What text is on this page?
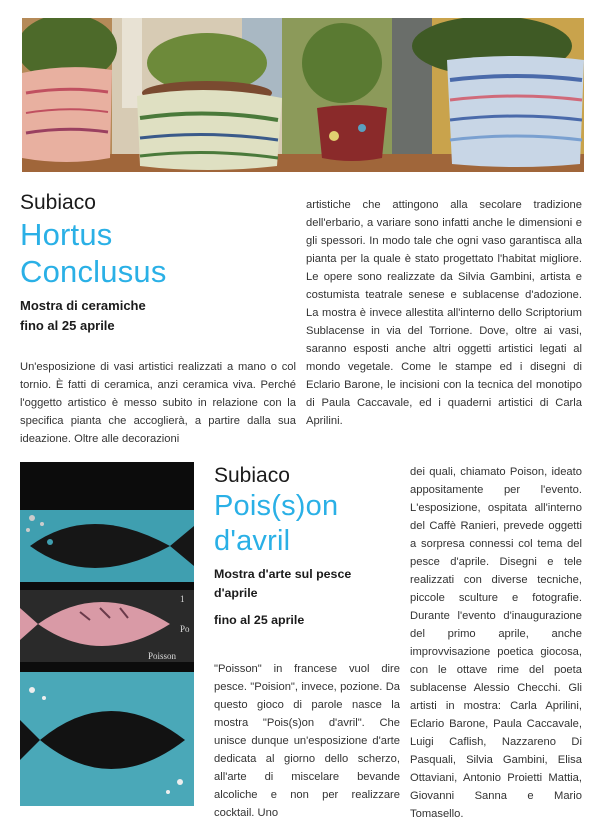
Subiaco

Hortus

Conclusus

Mostra di ceramiche

fino al 25 aprile

Un'esposizione di vasi artistici realizzati a mano o col tornio. È fatti di ceramica, anzi ceramica viva. Perché l'oggetto artistico è messo subito in relazione con la specifica pianta che accoglierà, a partire dalla sua ideazione. Oltre alle decorazioni

artistiche che attingono alla secolare tradizione dell'erbario, a variare sono infatti anche le dimensioni e gli spessori. In modo tale che ogni vaso garantisca alla pianta per la quale è stato progettato l'habitat migliore. Le opere sono realizzate da Silvia Gambini, artista e costumista teatrale senese e sublacense d'adozione. La mostra è invece allestita all'interno dello Scriptorium Sublacense in via del Torrione. Dove, oltre ai vasi, saranno esposti anche altri oggetti artistici legati al mondo vegetale. Come le stampe ed i disegni di Eclario Barone, le incisioni con la tecnica del monotipo di Paula Caccavale, ed i quaderni artistici di Carla Aprilini.

1
Po
Poisson

Subiaco

Pois(s)on

d'avril

Mostra d'arte sul pesce

d'aprile

fino al 25 aprile

"Poisson" in francese vuol dire pesce. "Poision", invece, pozione. Da questo gioco di parole nasce la mostra "Pois(s)on d'avril". Che unisce dunque un'esposizione d'arte dedicata al giorno dello scherzo, all'arte di miscelare bevande alcoliche e non per realizzare cocktail. Uno

dei quali, chiamato Poison, ideato appositamente per l'evento. L'esposizione, ospitata all'interno del Caffè Ranieri, prevede oggetti a sorpresa connessi col tema del pesce d'aprile. Disegni e tele realizzati con diverse tecniche, piccole sculture e fotografie. Durante l'evento d'inaugurazione del primo aprile, anche improvvisazione poetica giocosa, con le ottave rime del poeta sublacense Alessio Checchi. Gli artisti in mostra: Carla Aprilini, Eclario Barone, Paula Caccavale, Luigi Caflish, Nazzareno Di Pasquali, Silvia Gambini, Elisa Ottaviani, Antonio Proietti Mattia, Giovanni Sanna e Mario Tomasello.
